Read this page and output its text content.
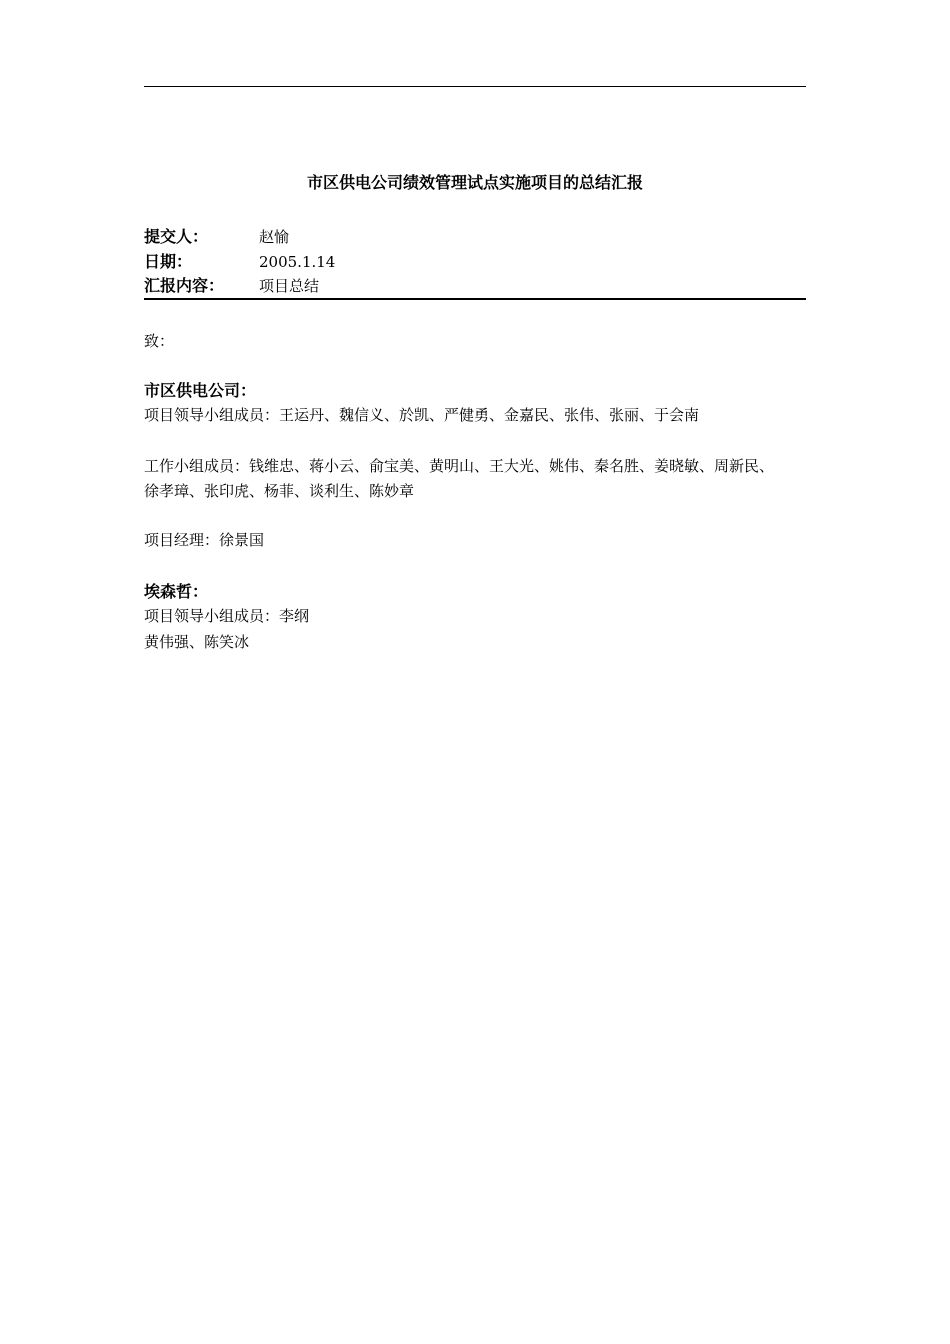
市区供电公司绩效管理试点实施项目的总结汇报
提交人：	赵愉
日期：	2005.1.14
汇报内容： 项目总结
致：
市区供电公司：
项目领导小组成员：王运丹、魏信义、於凯、严健勇、金嘉民、张伟、张丽、于会南
工作小组成员：钱维忠、蒋小云、俞宝美、黄明山、王大光、姚伟、秦名胜、姜晓敏、周新民、
徐孝璋、张印虎、杨菲、谈利生、陈妙章
项目经理：徐景国
埃森哲：
项目领导小组成员：李纲
黄伟强、陈笑冰
